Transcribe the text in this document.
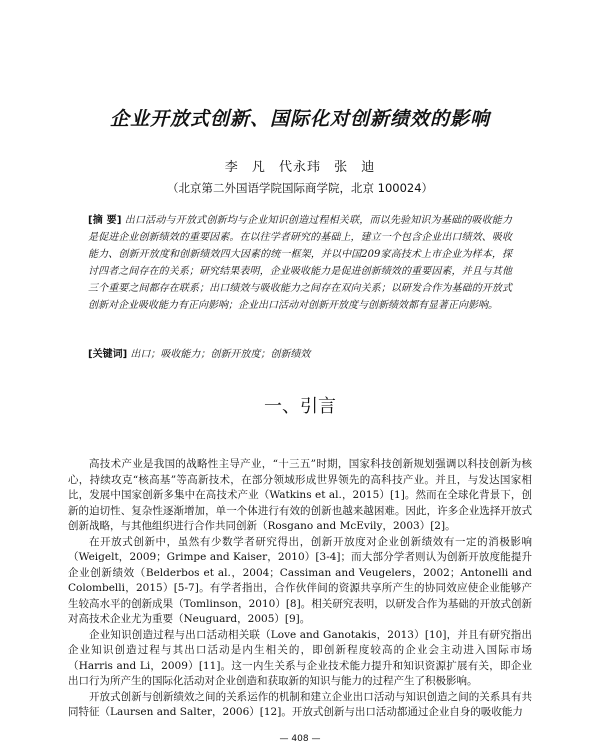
企业开放式创新、国际化对创新绩效的影响
李 凡 代永玮 张 迪
（北京第二外国语学院国际商学院，北京 100024）
[摘 要] 出口活动与开放式创新均与企业知识创造过程相关联，而以先验知识为基础的吸收能力是促进企业创新绩效的重要因素。在以往学者研究的基础上，建立一个包含企业出口绩效、吸收能力、创新开放度和创新绩效四大因素的统一框架，并以中国209家高技术上市企业为样本，探讨四者之间存在的关系；研究结果表明，企业吸收能力是促进创新绩效的重要因素，并且与其他三个重要之间都存在联系；出口绩效与吸收能力之间存在双向关系；以研发合作为基础的开放式创新对企业吸收能力有正向影响；企业出口活动对创新开放度与创新绩效都有显著正向影响。
[关键词] 出口；吸收能力；创新开放度；创新绩效
一、引言

高技术产业是我国的战略性主导产业，“十三五”时期，国家科技创新规划强调以科技创新为核心，持续攻克“核高基”等高新技术，在部分领域形成世界领先的高科技产业。并且，与发达国家相比，发展中国家创新多集中在高技术产业（Watkins et al.，2015）[1]。然而在全球化背景下，创新的迫切性、复杂性逐渐增加，单一个体进行有效的创新也越来越困难。因此，许多企业选择开放式创新战略，与其他组织进行合作共同创新（Rosgano and McEvily，2003）[2]。

在开放式创新中，虽然有少数学者研究得出，创新开放度对企业创新绩效有一定的消极影响（Weigelt，2009；Grimpe and Kaiser，2010）[3-4]；而大部分学者则认为创新开放度能提升企业创新绩效（Belderbos et al.，2004；Cassiman and Veugelers，2002；Antonelli and Colombelli，2015）[5-7]。有学者指出，合作伙伴间的资源共享所产生的协同效应使企业能够产生较高水平的创新成果（Tomlinson，2010）[8]。相关研究表明，以研发合作为基础的开放式创新对高技术企业尤为重要（Neuguard，2005）[9]。

企业知识创造过程与出口活动相关联（Love and Ganotakis，2013）[10]，并且有研究指出企业知识创造过程与其出口活动是内生相关的，即创新程度较高的企业会主动进入国际市场（Harris and Li，2009）[11]。这一内生关系与企业技术能力提升和知识资源扩展有关，即企业出口行为所产生的国际化活动对企业创造和获取新的知识与能力的过程产生了积极影响。

开放式创新与创新绩效之间的关系运作的机制和建立企业出口活动与知识创造之间的关系具有共同特征（Laursen and Salter，2006）[12]。开放式创新与出口活动都通过企业自身的吸收能力

— 408 —
